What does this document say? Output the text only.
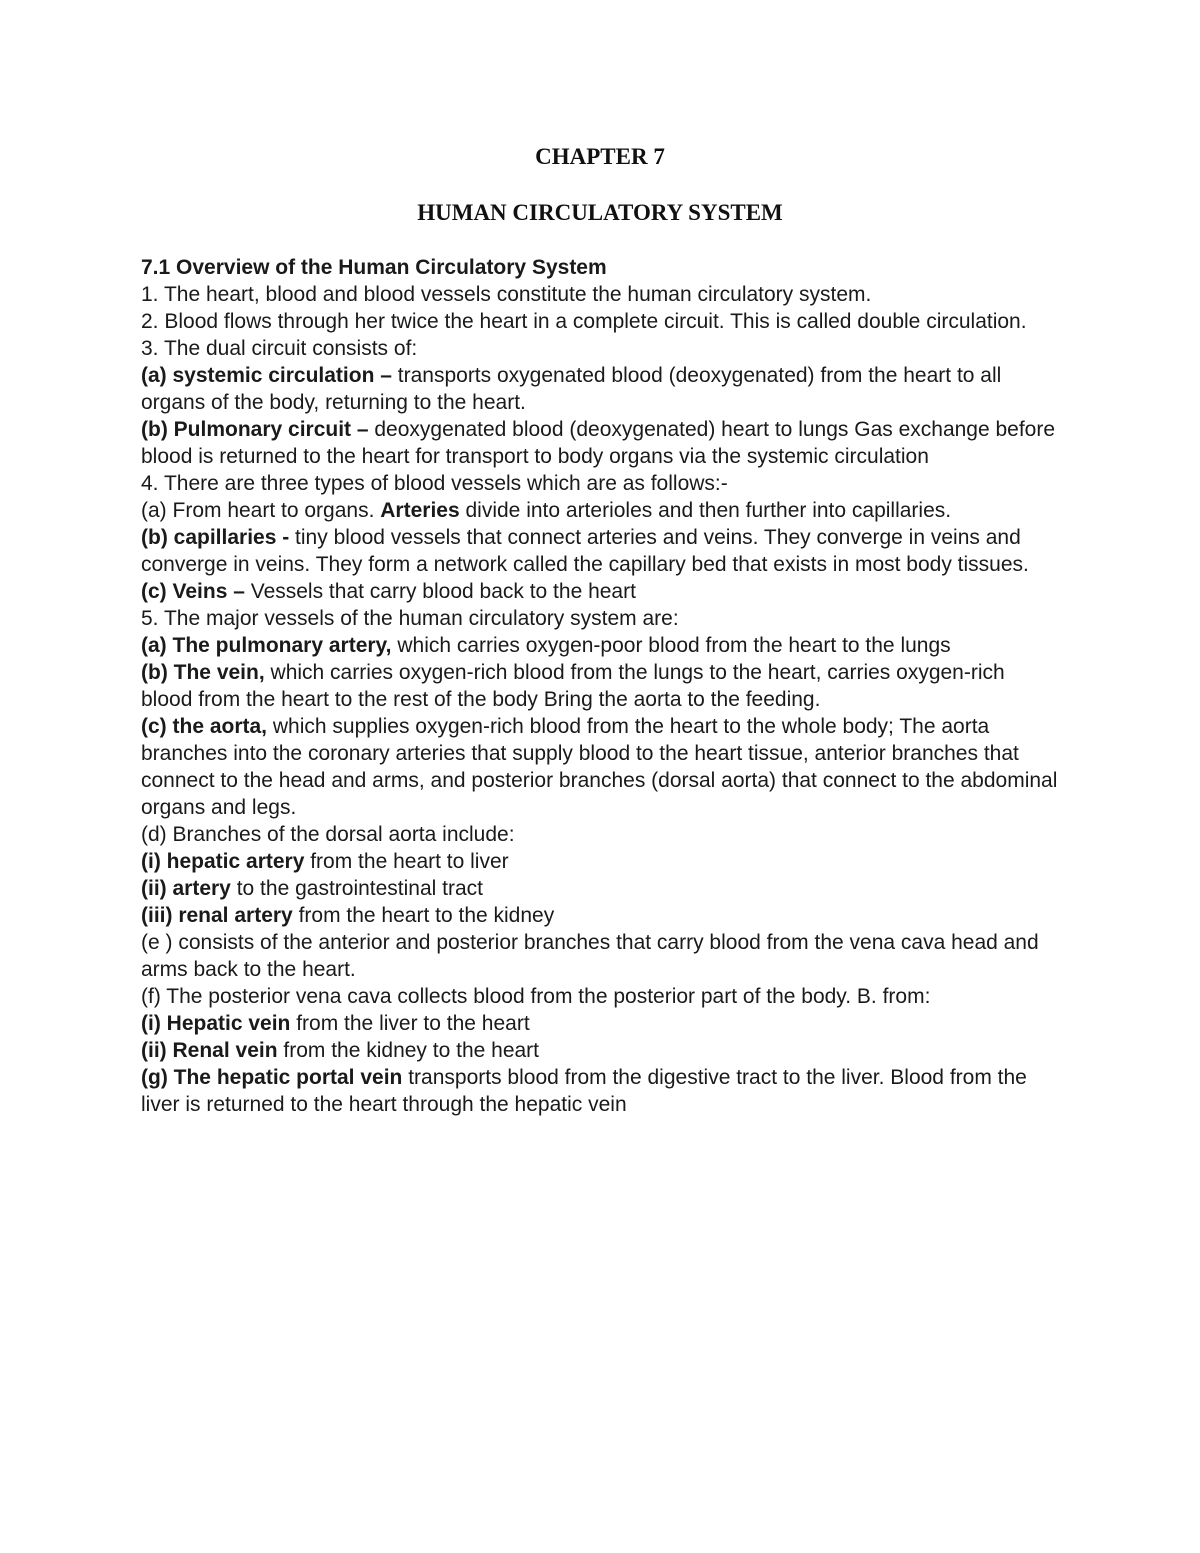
CHAPTER 7
HUMAN CIRCULATORY SYSTEM

7.1 Overview of the Human Circulatory System

1. The heart, blood and blood vessels constitute the human circulatory system.

2. Blood flows through her twice the heart in a complete circuit. This is called double circulation.

3. The dual circuit consists of:

(a) systemic circulation – transports oxygenated blood (deoxygenated) from the heart to all organs of the body, returning to the heart.

(b) Pulmonary circuit – deoxygenated blood (deoxygenated) heart to lungs Gas exchange before blood is returned to the heart for transport to body organs via the systemic circulation

4. There are three types of blood vessels which are as follows:-

(a) From heart to organs. Arteries divide into arterioles and then further into capillaries.

(b) capillaries - tiny blood vessels that connect arteries and veins. They converge in veins and converge in veins. They form a network called the capillary bed that exists in most body tissues.

(c) Veins – Vessels that carry blood back to the heart

5. The major vessels of the human circulatory system are:

(a) The pulmonary artery, which carries oxygen-poor blood from the heart to the lungs

(b) The vein, which carries oxygen-rich blood from the lungs to the heart, carries oxygen-rich blood from the heart to the rest of the body Bring the aorta to the feeding.

(c) the aorta, which supplies oxygen-rich blood from the heart to the whole body; The aorta branches into the coronary arteries that supply blood to the heart tissue, anterior branches that connect to the head and arms, and posterior branches (dorsal aorta) that connect to the abdominal organs and legs.

(d) Branches of the dorsal aorta include:

(i) hepatic artery from the heart to liver

(ii) artery to the gastrointestinal tract

(iii) renal artery from the heart to the kidney

(e ) consists of the anterior and posterior branches that carry blood from the vena cava head and arms back to the heart.

(f) The posterior vena cava collects blood from the posterior part of the body. B. from:

(i) Hepatic vein from the liver to the heart

(ii) Renal vein from the kidney to the heart

(g) The hepatic portal vein transports blood from the digestive tract to the liver. Blood from the liver is returned to the heart through the hepatic vein
